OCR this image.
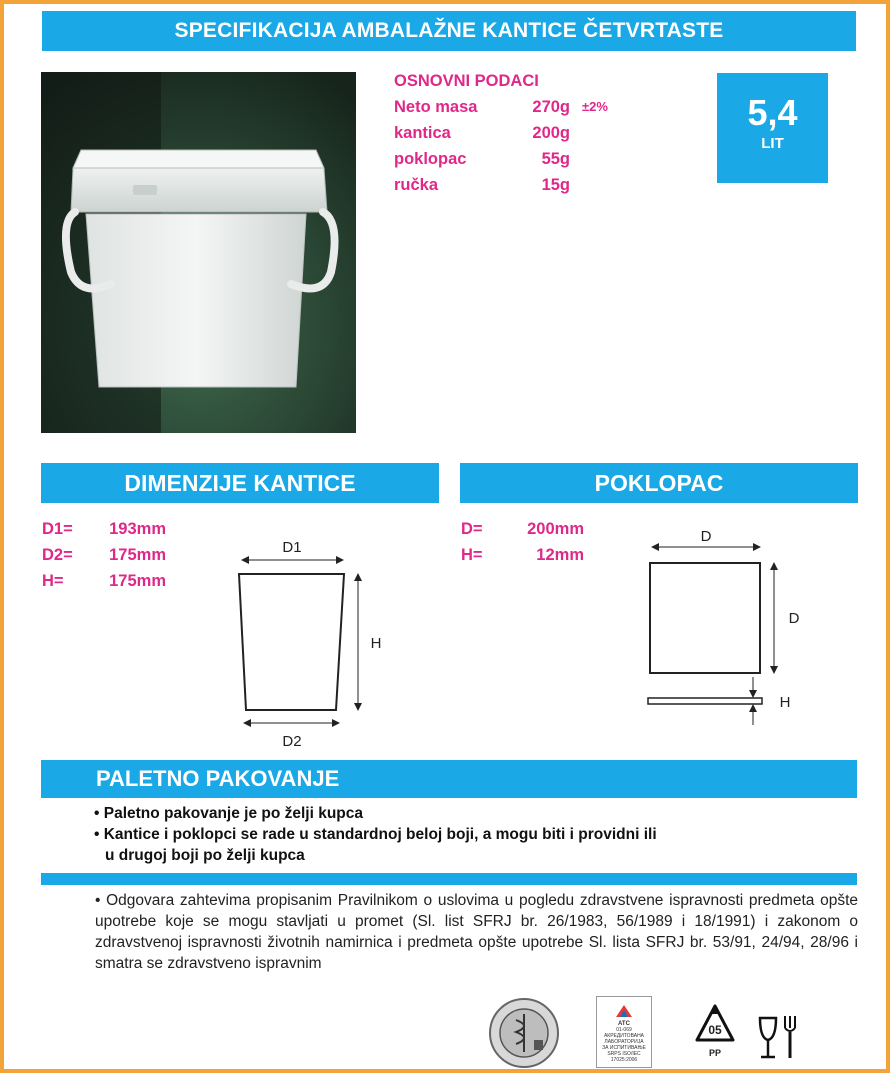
SPECIFIKACIJA AMBALAŽNE KANTICE ČETVRTASTE
OSNOVNI PODACI
Neto masa	270g ±2%
kantica	200g
poklopac	55g
ručka	15g
5,4
LIT
DIMENZIJE KANTICE
D1= 193mm
D2= 175mm
H=	175mm
D1
H
D2
POKLOPAC
D=	200mm
H=	12mm
D
D
H
PALETNO PAKOVANJE
• Paletno pakovanje je po želji kupca
• Kantice i poklopci se rade u standardnoj beloj boji, a mogu biti i providni ili
u drugoj boji po želji kupca
• Odgovara zahtevima propisanim Pravilnikom o uslovima u pogledu zdravstvene ispravnosti predmeta opšte upotrebe koje se mogu stavljati u promet (Sl. list SFRJ br. 26/1983, 56/1989 i 18/1991) i zakonom o zdravstvenoj ispravnosti životnih namirnica i predmeta opšte upotrebe Sl. lista SFRJ br. 53/91, 24/94, 28/96 i smatra se zdravstveno ispravnim
ATC
01-069
АКРЕДИТОВАНА
ЛАБОРАТОРИЈА
ЗА ИСПИТИВАЊЕ
SRPS ISO/IEC 17025:2006
05
PP
